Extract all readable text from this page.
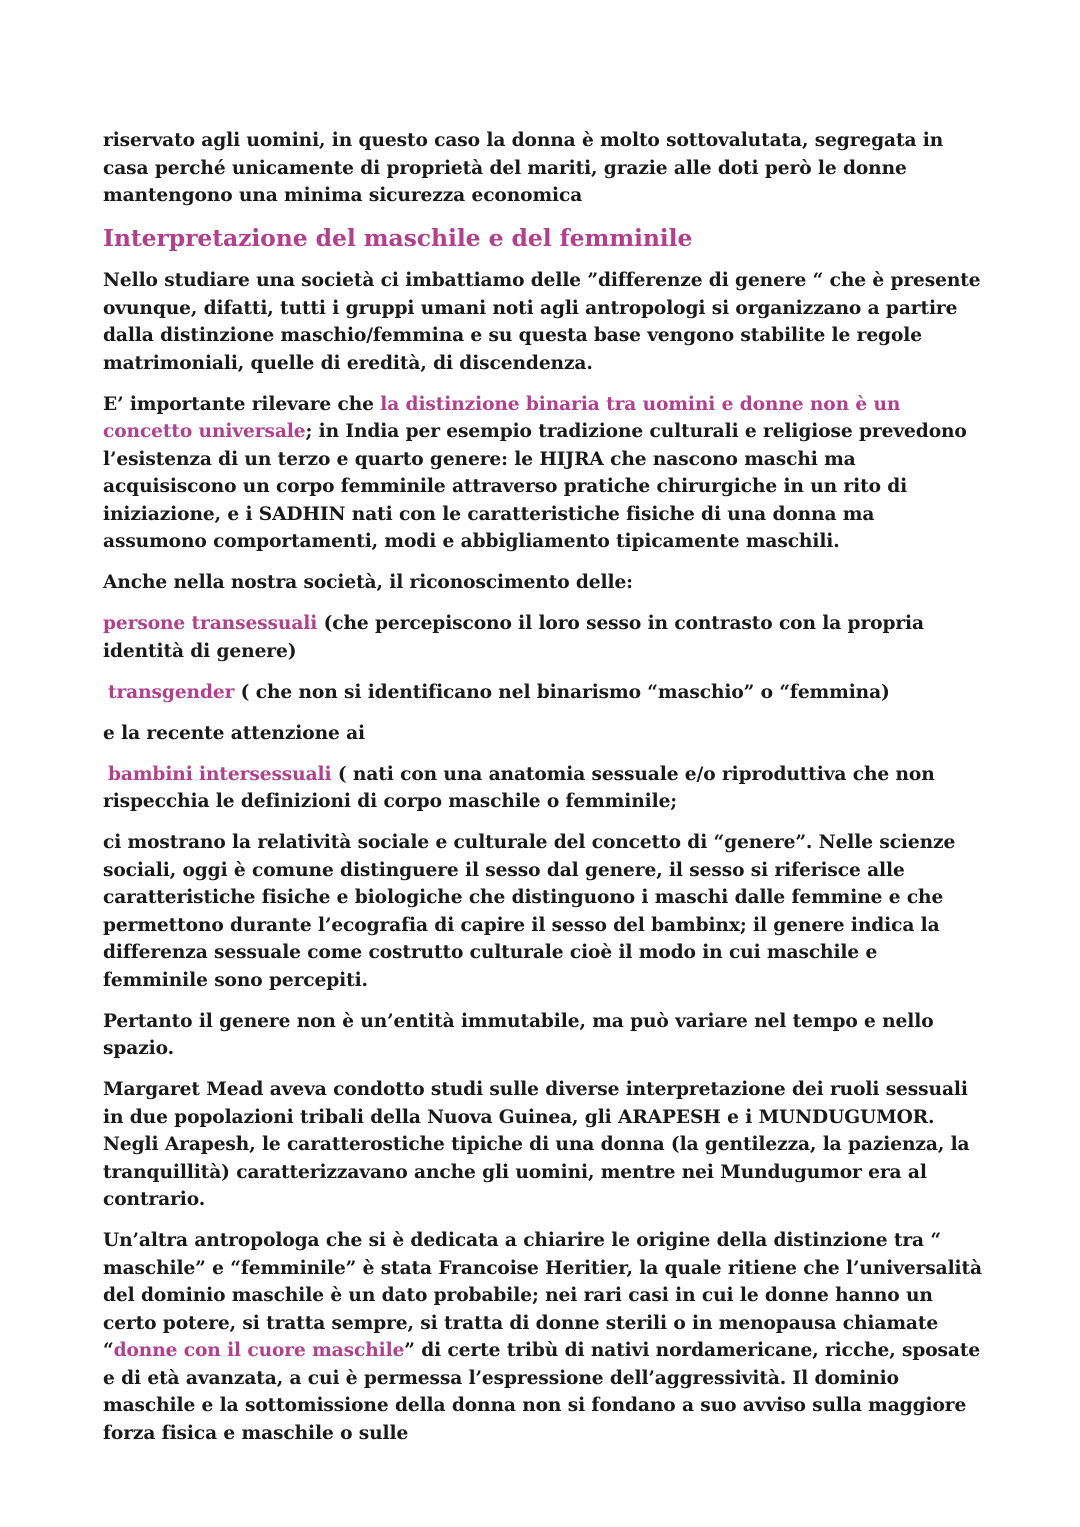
riservato agli uomini, in questo caso la donna è molto sottovalutata, segregata in casa perché unicamente di proprietà del mariti, grazie alle doti però le donne mantengono una minima sicurezza economica

Interpretazione del maschile e del femminile

Nello studiare una società ci imbattiamo delle ”differenze di genere “ che è presente ovunque, difatti, tutti i gruppi umani noti agli antropologi si organizzano a partire dalla distinzione maschio/femmina e su questa base vengono stabilite le regole matrimoniali, quelle di eredità, di discendenza.

E’ importante rilevare che la distinzione binaria tra uomini e donne non è un concetto universale; in India per esempio tradizione culturali e religiose prevedono l’esistenza di un terzo e quarto genere: le HIJRA che nascono maschi ma acquisiscono un corpo femminile attraverso pratiche chirurgiche in un rito di iniziazione, e i SADHIN nati con le caratteristiche fisiche di una donna ma assumono comportamenti, modi e abbigliamento tipicamente maschili.

Anche nella nostra società, il riconoscimento delle:

persone transessuali (che percepiscono il loro sesso in contrasto con la propria identità di genere)

transgender ( che non si identificano nel binarismo “maschio” o “femmina)

e la recente attenzione ai

bambini intersessuali ( nati con una anatomia sessuale e/o riproduttiva che non rispecchia le definizioni di corpo maschile o femminile;

ci mostrano la relatività sociale e culturale del concetto di “genere”. Nelle scienze sociali, oggi è comune distinguere il sesso dal genere, il sesso si riferisce alle caratteristiche fisiche e biologiche che distinguono i maschi dalle femmine e che permettono durante l’ecografia di capire il sesso del bambinx; il genere indica la differenza sessuale come costrutto culturale cioè il modo in cui maschile e femminile sono percepiti.

Pertanto il genere non è un’entità immutabile, ma può variare nel tempo e nello spazio.

Margaret Mead aveva condotto studi sulle diverse interpretazione dei ruoli sessuali in due popolazioni tribali della Nuova Guinea, gli ARAPESH e i MUNDUGUMOR. Negli Arapesh, le caratterostiche tipiche di una donna (la gentilezza, la pazienza, la tranquillità) caratterizzavano anche gli uomini, mentre nei Mundugumor era al contrario.

Un’altra antropologa che si è dedicata a chiarire le origine della distinzione tra “ maschile” e “femminile” è stata Francoise Heritier, la quale ritiene che l’universalità del dominio maschile è un dato probabile; nei rari casi in cui le donne hanno un certo potere, si tratta sempre, si tratta di donne sterili o in menopausa chiamate “donne con il cuore maschile” di certe tribù di nativi nordamericane, ricche, sposate e di età avanzata, a cui è permessa l’espressione dell’aggressività. Il dominio maschile e la sottomissione della donna non si fondano a suo avviso sulla maggiore forza fisica e maschile o sulle
